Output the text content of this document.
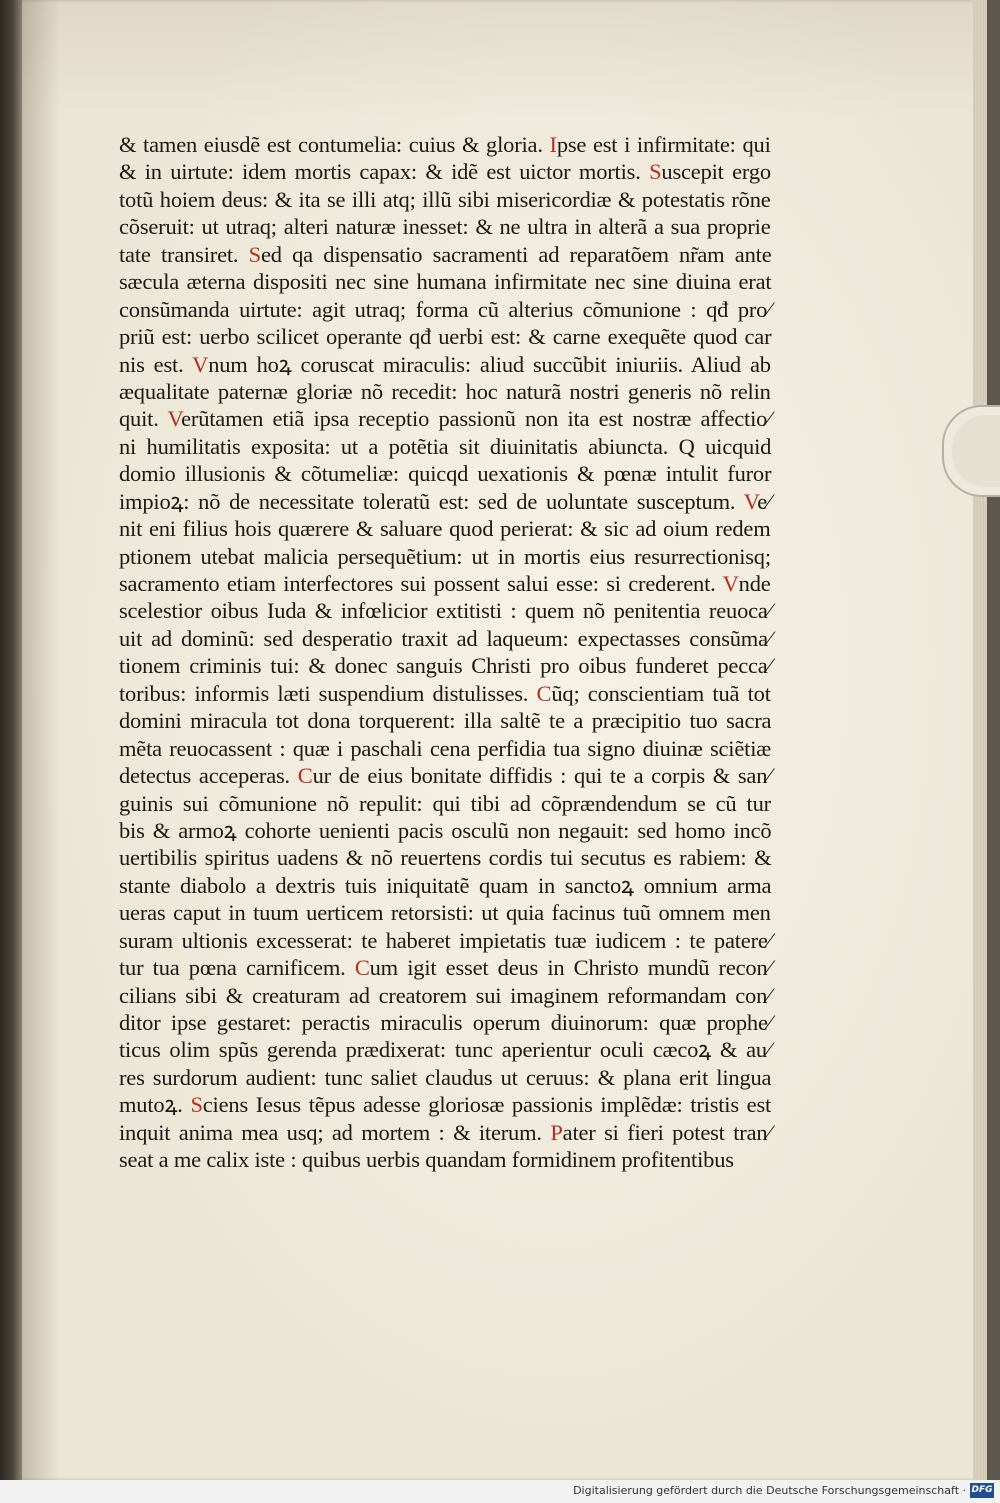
& tamen eiusdẽ est contumelia: cuius & gloria. Ipse est i infirmitate: qui
& in uirtute: idem mortis capax: & idẽ est uictor mortis. Suscepit ergo
totũ hoiem deus: & ita se illi atq; illũ sibi misericordiæ & potestatis rõne
cõseruit: ut utraq; alteri naturæ inesset: & ne ultra in alterã a sua proprie
tate transiret. Sed qa dispensatio sacramenti ad reparatõem nr̃am ante
sæcula æterna dispositi nec sine humana infirmitate nec sine diuina erat
consũmanda uirtute: agit utraq; forma cũ alterius cõmunione : qđ pro⁄
priũ est: uerbo scilicet operante qđ uerbi est: & carne exequẽte quod car
nis est. Vnum hoꝝ coruscat miraculis: aliud succũbit iniuriis. Aliud ab
æqualitate paternæ gloriæ nõ recedit: hoc naturã nostri generis nõ relin
quit. Verũtamen etiã ipsa receptio passionũ non ita est nostræ affectio⁄
ni humilitatis exposita: ut a potẽtia sit diuinitatis abiuncta. Q uicquid
domio illusionis & cõtumeliæ: quicqd uexationis & pœnæ intulit furor
impioꝝ: nõ de necessitate toleratũ est: sed de uoluntate susceptum. Ve⁄
nit eni filius hois quærere & saluare quod perierat: & sic ad oium redem
ptionem utebat malicia persequẽtium: ut in mortis eius resurrectionisq;
sacramento etiam interfectores sui possent salui esse: si crederent. Vnde
scelestior oibus Iuda & infœlicior extitisti : quem nõ penitentia reuoca⁄
uit ad dominũ: sed desperatio traxit ad laqueum: expectasses consũma⁄
tionem criminis tui: & donec sanguis Christi pro oibus funderet pecca⁄
toribus: informis læti suspendium distulisses. Cũq; conscientiam tuã tot
domini miracula tot dona torquerent: illa saltẽ te a præcipitio tuo sacra
mẽta reuocassent : quæ i paschali cena perfidia tua signo diuinæ sciẽtiæ
detectus acceperas. Cur de eius bonitate diffidis : qui te a corpis & san⁄
guinis sui cõmunione nõ repulit: qui tibi ad cõprændendum se cũ tur
bis & armoꝝ cohorte uenienti pacis osculũ non negauit: sed homo incõ
uertibilis spiritus uadens & nõ reuertens cordis tui secutus es rabiem: &
stante diabolo a dextris tuis iniquitatẽ quam in sanctoꝝ omnium arma
ueras caput in tuum uerticem retorsisti: ut quia facinus tuũ omnem men
suram ultionis excesserat: te haberet impietatis tuæ iudicem : te patere⁄
tur tua pœna carnificem. Cum igit esset deus in Christo mundũ recon⁄
cilians sibi & creaturam ad creatorem sui imaginem reformandam con⁄
ditor ipse gestaret: peractis miraculis operum diuinorum: quæ prophe⁄
ticus olim spũs gerenda prædixerat: tunc aperientur oculi cæcoꝝ & au⁄
res surdorum audient: tunc saliet claudus ut ceruus: & plana erit lingua
mutoꝝ. Sciens Iesus tẽpus adesse gloriosæ passionis implẽdæ: tristis est
inquit anima mea usq; ad mortem : & iterum. Pater si fieri potest tran⁄
seat a me calix iste : quibus uerbis quandam formidinem profitentibus
Digitalisierung gefördert durch die Deutsche Forschungsgemeinschaft · DFG
